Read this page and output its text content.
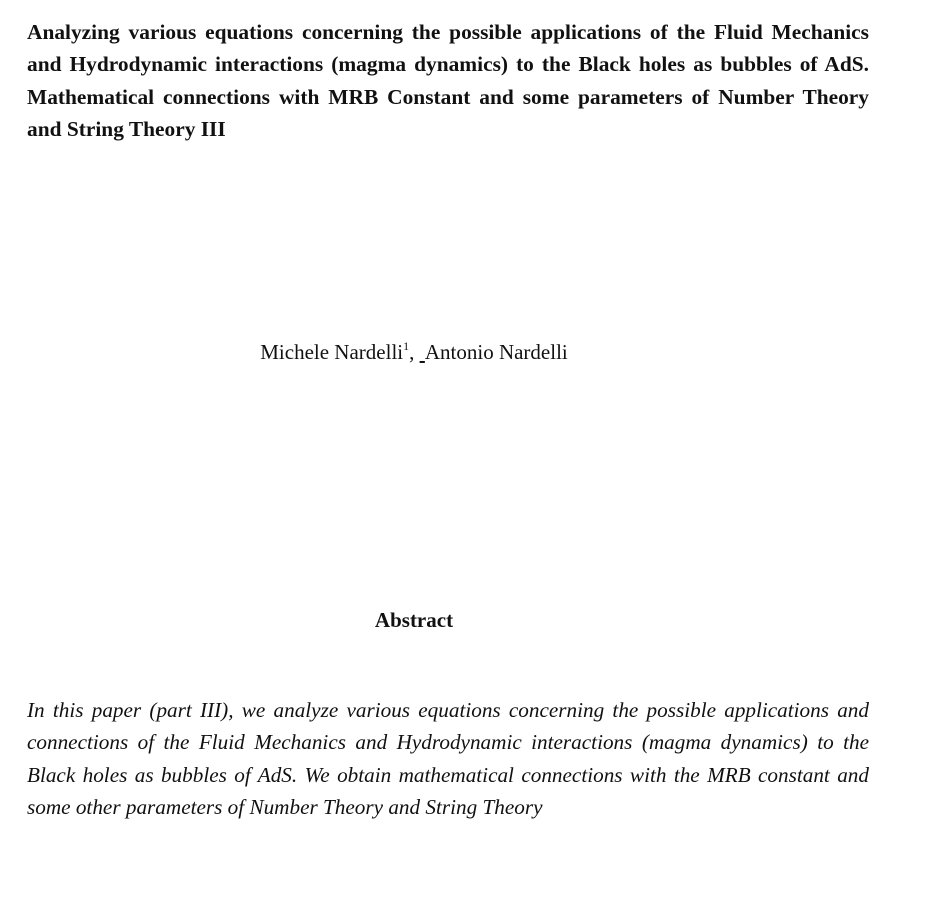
Analyzing various equations concerning the possible applications of the Fluid Mechanics and Hydrodynamic interactions (magma dynamics) to the Black holes as bubbles of AdS. Mathematical connections with MRB Constant and some parameters of Number Theory and String Theory III
Michele Nardelli$^1$, Antonio Nardelli
Abstract

In this paper (part III), we analyze various equations concerning the possible applications and connections of the Fluid Mechanics and Hydrodynamic interactions (magma dynamics) to the Black holes as bubbles of AdS. We obtain mathematical connections with the MRB constant and some other parameters of Number Theory and String Theory
